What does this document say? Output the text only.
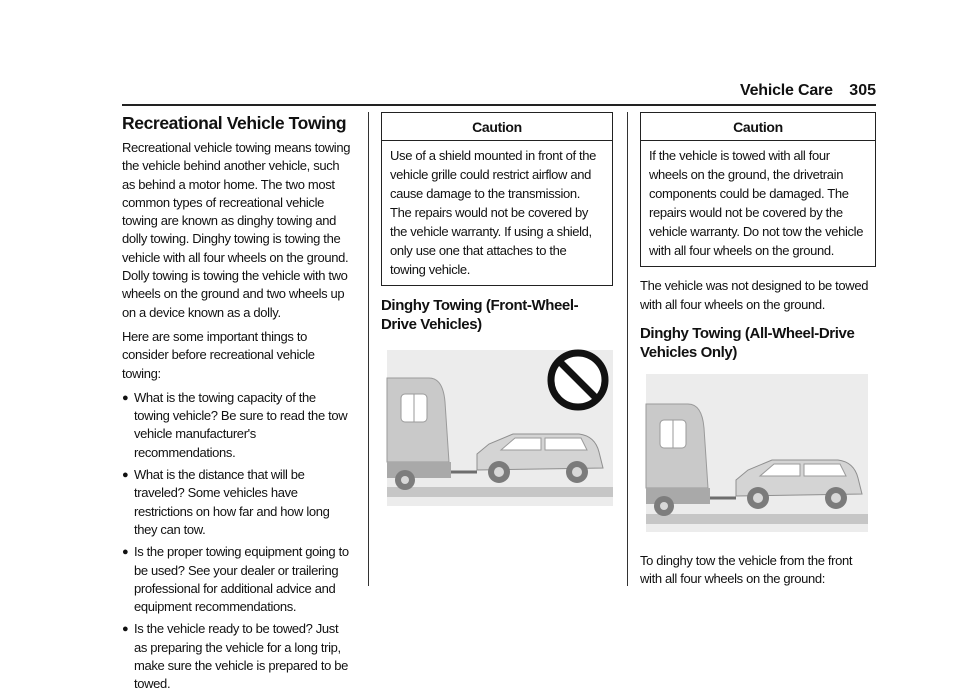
Vehicle Care 305
Recreational Vehicle Towing

Recreational vehicle towing means towing the vehicle behind another vehicle, such as behind a motor home. The two most common types of recreational vehicle towing are known as dinghy towing and dolly towing. Dinghy towing is towing the vehicle with all four wheels on the ground. Dolly towing is towing the vehicle with two wheels on the ground and two wheels up on a device known as a dolly.

Here are some important things to consider before recreational vehicle towing:

● What is the towing capacity of the towing vehicle? Be sure to read the tow vehicle manufacturer's recommendations.
● What is the distance that will be traveled? Some vehicles have restrictions on how far and how long they can tow.
● Is the proper towing equipment going to be used? See your dealer or trailering professional for additional advice and equipment recommendations.
● Is the vehicle ready to be towed? Just as preparing the vehicle for a long trip, make sure the vehicle is prepared to be towed.
Caution
Use of a shield mounted in front of the vehicle grille could restrict airflow and cause damage to the transmission. The repairs would not be covered by the vehicle warranty. If using a shield, only use one that attaches to the towing vehicle.
Dinghy Towing (Front-Wheel-Drive Vehicles)
Caution
If the vehicle is towed with all four wheels on the ground, the drivetrain components could be damaged. The repairs would not be covered by the vehicle warranty. Do not tow the vehicle with all four wheels on the ground.

The vehicle was not designed to be towed with all four wheels on the ground.

Dinghy Towing (All-Wheel-Drive Vehicles Only)

To dinghy tow the vehicle from the front with all four wheels on the ground:
